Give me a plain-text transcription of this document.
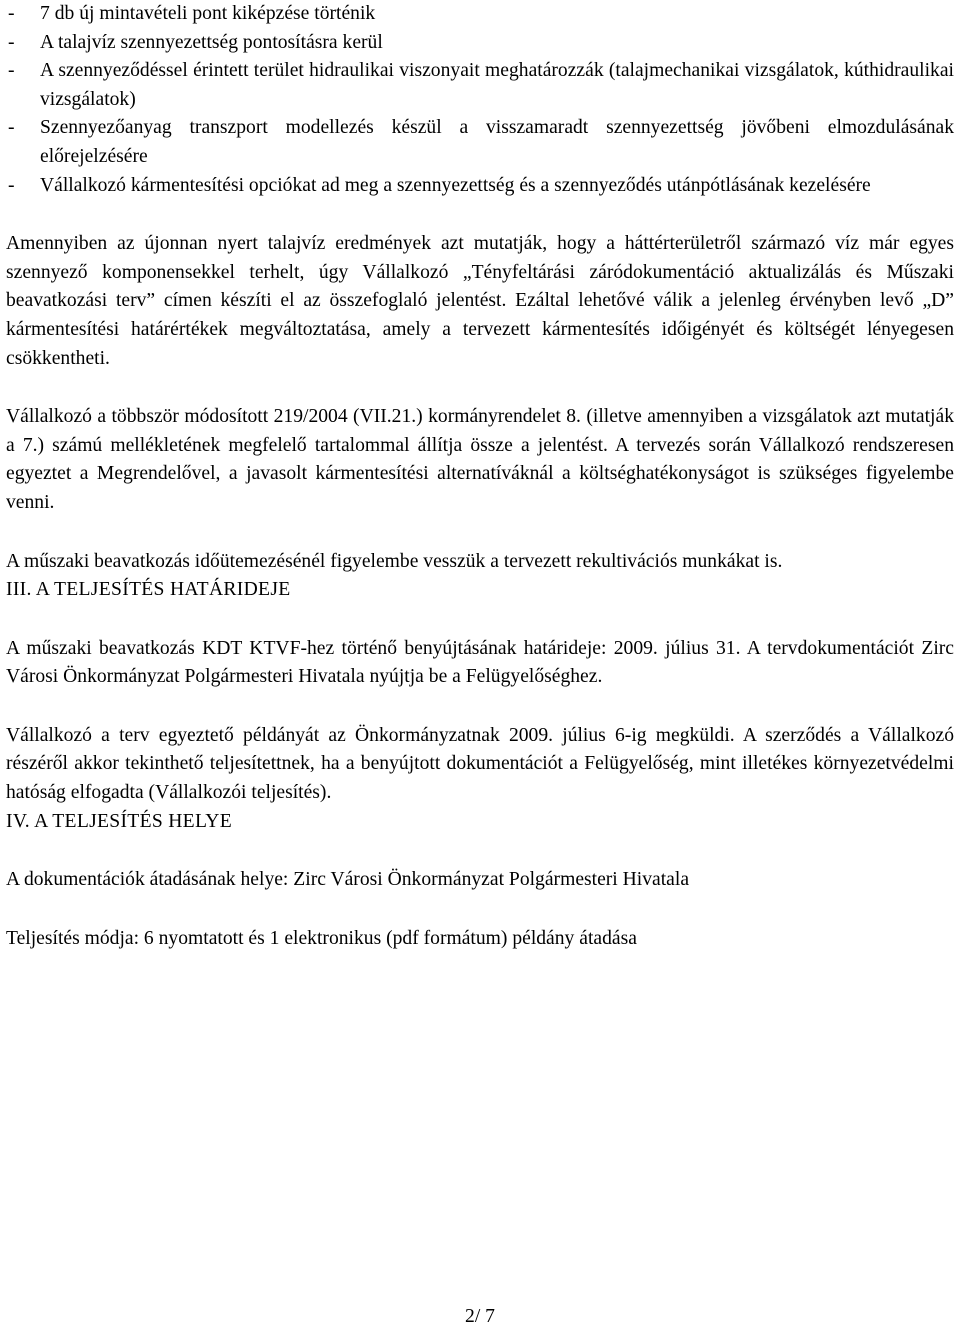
- 7 db új mintavételi pont kiképzése történik
- A talajvíz szennyezettség pontosításra kerül
- A szennyeződéssel érintett terület hidraulikai viszonyait meghatározzák (talajmechanikai vizsgálatok, kúthidraulikai vizsgálatok)
- Szennyezőanyag transzport modellezés készül a visszamaradt szennyezettség jövőbeni elmozdulásának előrejelzésére
- Vállalkozó kármentesítési opciókat ad meg a szennyezettség és a szennyeződés utánpótlásának kezelésére

Amennyiben az újonnan nyert talajvíz eredmények azt mutatják, hogy a háttérterületről származó víz már egyes szennyező komponensekkel terhelt, úgy Vállalkozó „Tényfeltárási záródokumentáció aktualizálás és Műszaki beavatkozási terv” címen készíti el az összefoglaló jelentést. Ezáltal lehetővé válik a jelenleg érvényben levő „D” kármentesítési határértékek megváltoztatása, amely a tervezett kármentesítés időigényét és költségét lényegesen csökkentheti.

Vállalkozó a többször módosított 219/2004 (VII.21.) kormányrendelet 8. (illetve amennyiben a vizsgálatok azt mutatják a 7.) számú mellékletének megfelelő tartalommal állítja össze a jelentést. A tervezés során Vállalkozó rendszeresen egyeztet a Megrendelővel, a javasolt kármentesítési alternatíváknál a költséghatékonyságot is szükséges figyelembe venni.

A műszaki beavatkozás időütemezésénél figyelembe vesszük a tervezett rekultivációs munkákat is.

III. A TELJESÍTÉS HATÁRIDEJE

A műszaki beavatkozás KDT KTVF-hez történő benyújtásának határideje: 2009. július 31. A tervdokumentációt Zirc Városi Önkormányzat Polgármesteri Hivatala nyújtja be a Felügyelőséghez.

Vállalkozó a terv egyeztető példányát az Önkormányzatnak 2009. július 6-ig megküldi. A szerződés a Vállalkozó részéről akkor tekinthető teljesítettnek, ha a benyújtott dokumentációt a Felügyelőség, mint illetékes környezetvédelmi hatóság elfogadta (Vállalkozói teljesítés).

IV. A TELJESÍTÉS HELYE

A dokumentációk átadásának helye: Zirc Városi Önkormányzat Polgármesteri Hivatala

Teljesítés módja: 6 nyomtatott és 1 elektronikus (pdf formátum) példány átadása

2/ 7
